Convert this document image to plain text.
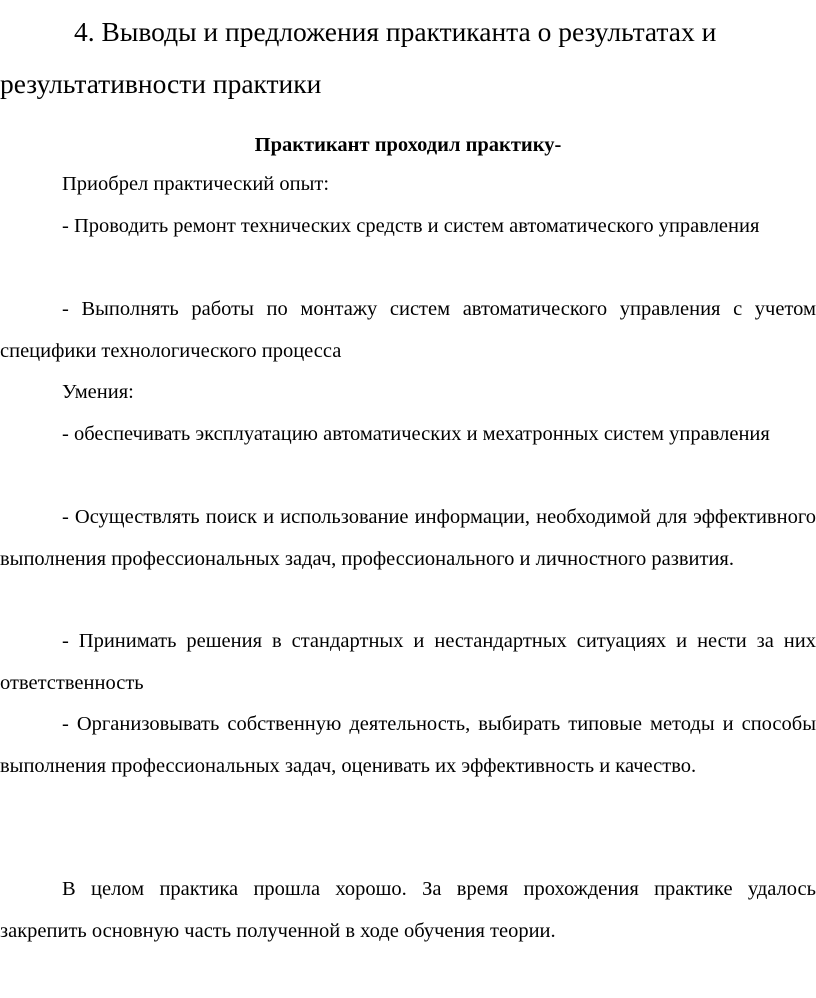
4. Выводы и предложения практиканта о результатах и результативности практики

Практикант проходил практику-

Приобрел практический опыт:

- Проводить ремонт технических средств и систем автоматического управления

- Выполнять работы по монтажу систем автоматического управления с учетом специфики технологического процесса

Умения:

- обеспечивать эксплуатацию автоматических и мехатронных систем управления

- Осуществлять поиск и использование информации, необходимой для эффективного выполнения профессиональных задач, профессионального и личностного развития.

- Принимать решения в стандартных и нестандартных ситуациях и нести за них ответственность

- Организовывать собственную деятельность, выбирать типовые методы и способы выполнения профессиональных задач, оценивать их эффективность и качество.

В целом практика прошла хорошо. За время прохождения практике удалось закрепить основную часть полученной в ходе обучения теории.
